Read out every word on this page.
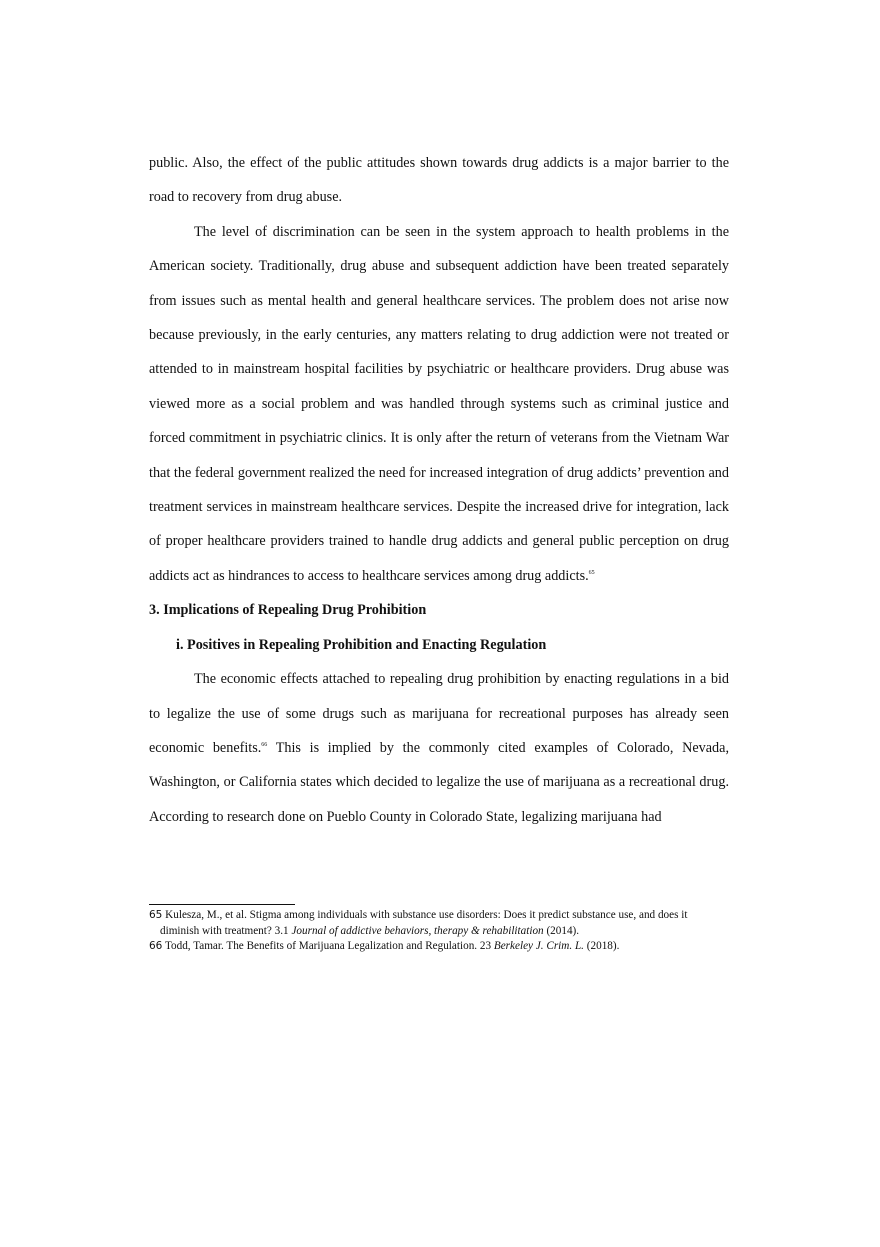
public. Also, the effect of the public attitudes shown towards drug addicts is a major barrier to the road to recovery from drug abuse.

The level of discrimination can be seen in the system approach to health problems in the American society. Traditionally, drug abuse and subsequent addiction have been treated separately from issues such as mental health and general healthcare services. The problem does not arise now because previously, in the early centuries, any matters relating to drug addiction were not treated or attended to in mainstream hospital facilities by psychiatric or healthcare providers. Drug abuse was viewed more as a social problem and was handled through systems such as criminal justice and forced commitment in psychiatric clinics. It is only after the return of veterans from the Vietnam War that the federal government realized the need for increased integration of drug addicts’ prevention and treatment services in mainstream healthcare services. Despite the increased drive for integration, lack of proper healthcare providers trained to handle drug addicts and general public perception on drug addicts act as hindrances to access to healthcare services among drug addicts.$^{65}$

3. Implications of Repealing Drug Prohibition

i. Positives in Repealing Prohibition and Enacting Regulation

The economic effects attached to repealing drug prohibition by enacting regulations in a bid to legalize the use of some drugs such as marijuana for recreational purposes has already seen economic benefits.$^{66}$ This is implied by the commonly cited examples of Colorado, Nevada, Washington, or California states which decided to legalize the use of marijuana as a recreational drug. According to research done on Pueblo County in Colorado State, legalizing marijuana had

65 Kulesza, M., et al. Stigma among individuals with substance use disorders: Does it predict substance use, and does it diminish with treatment? 3.1 Journal of addictive behaviors, therapy & rehabilitation (2014).

66 Todd, Tamar. The Benefits of Marijuana Legalization and Regulation. 23 Berkeley J. Crim. L. (2018).
